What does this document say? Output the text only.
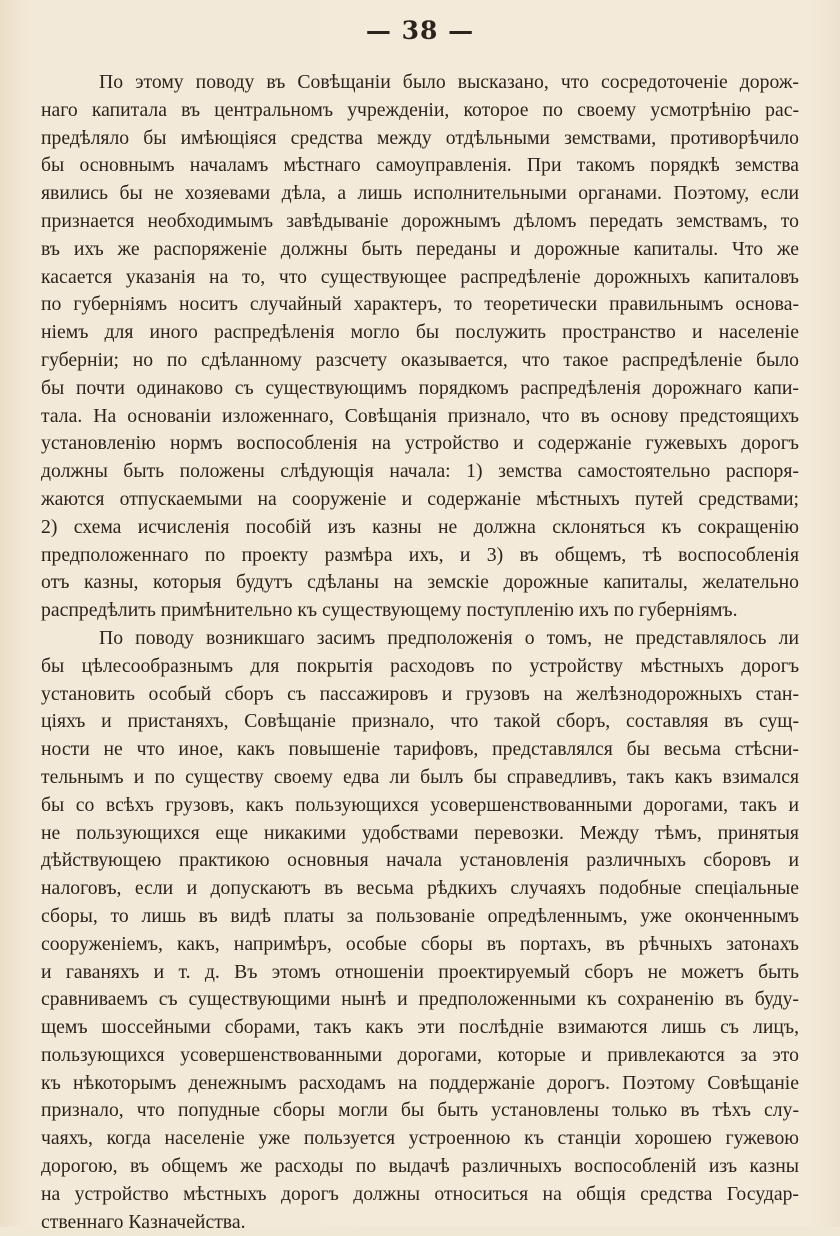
— 38 —
По этому поводу въ Совѣщаніи было высказано, что сосредоточеніе дорож-
наго капитала въ центральномъ учрежденіи, которое по своему усмотрѣнію рас-
предѣляло бы имѣющіяся средства между отдѣльными земствами, противорѣчило
бы основнымъ началамъ мѣстнаго самоуправленія. При такомъ порядкѣ земства
явились бы не хозяевами дѣла, а лишь исполнительными органами. Поэтому, если
признается необходимымъ завѣдываніе дорожнымъ дѣломъ передать земствамъ, то
въ ихъ же распоряженіе должны быть переданы и дорожные капиталы. Что же
касается указанія на то, что существующее распредѣленіе дорожныхъ капиталовъ
по губерніямъ носитъ случайный характеръ, то теоретически правильнымъ основа-
ніемъ для иного распредѣленія могло бы послужить пространство и населеніе
губерніи; но по сдѣланному разсчету оказывается, что такое распредѣленіе было
бы почти одинаково съ существующимъ порядкомъ распредѣленія дорожнаго капи-
тала. На основаніи изложеннаго, Совѣщанія признало, что въ основу предстоящихъ
установленію нормъ воспособленія на устройство и содержаніе гужевыхъ дорогъ
должны быть положены слѣдующія начала: 1) земства самостоятельно распоря-
жаются отпускаемыми на сооруженіе и содержаніе мѣстныхъ путей средствами;
2) схема исчисленія пособій изъ казны не должна склоняться къ сокращенію
предположеннаго по проекту размѣра ихъ, и 3) въ общемъ, тѣ воспособленія
отъ казны, которыя будутъ сдѣланы на земскіе дорожные капиталы, желательно
распредѣлить примѣнительно къ существующему поступленію ихъ по губерніямъ.
По поводу возникшаго засимъ предположенія о томъ, не представлялось ли
бы цѣлесообразнымъ для покрытія расходовъ по устройству мѣстныхъ дорогъ
установить особый сборъ съ пассажировъ и грузовъ на желѣзнодорожныхъ стан-
ціяхъ и пристаняхъ, Совѣщаніе признало, что такой сборъ, составляя въ сущ-
ности не что иное, какъ повышеніе тарифовъ, представлялся бы весьма стѣсни-
тельнымъ и по существу своему едва ли былъ бы справедливъ, такъ какъ взимался
бы со всѣхъ грузовъ, какъ пользующихся усовершенствованными дорогами, такъ и
не пользующихся еще никакими удобствами перевозки. Между тѣмъ, принятыя
дѣйствующею практикою основныя начала установленія различныхъ сборовъ и
налоговъ, если и допускаютъ въ весьма рѣдкихъ случаяхъ подобные спеціальные
сборы, то лишь въ видѣ платы за пользованіе опредѣленнымъ, уже оконченнымъ
сооруженіемъ, какъ, напримѣръ, особые сборы въ портахъ, въ рѣчныхъ затонахъ
и гаваняхъ и т. д. Въ этомъ отношеніи проектируемый сборъ не можетъ быть
сравниваемъ съ существующими нынѣ и предположенными къ сохраненію въ буду-
щемъ шоссейными сборами, такъ какъ эти послѣдніе взимаются лишь съ лицъ,
пользующихся усовершенствованными дорогами, которые и привлекаются за это
къ нѣкоторымъ денежнымъ расходамъ на поддержаніе дорогъ. Поэтому Совѣщаніе
признало, что попудные сборы могли бы быть установлены только въ тѣхъ слу-
чаяхъ, когда населеніе уже пользуется устроенною къ станціи хорошею гужевою
дорогою, въ общемъ же расходы по выдачѣ различныхъ воспособленій изъ казны
на устройство мѣстныхъ дорогъ должны относиться на общія средства Государ-
ственнаго Казначейства.
